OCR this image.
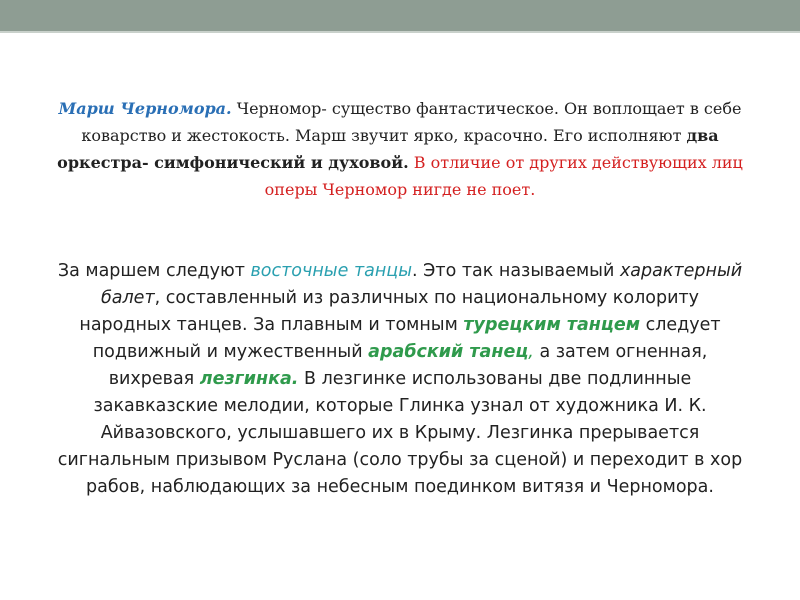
Марш Черномора. Черномор- существо фантастическое. Он воплощает в себе коварство и жестокость. Марш звучит ярко, красочно. Его исполняют два оркестра- симфонический и духовой. В отличие от других действующих лиц оперы Черномор нигде не поет.

За маршем следуют восточные танцы. Это так называемый характерный балет, составленный из различных по национальному колориту народных танцев. За плавным и томным турецким танцем следует подвижный и мужественный арабский танец, а затем огненная, вихревая лезгинка. В лезгинке использованы две подлинные закавказские мелодии, которые Глинка узнал от художника И. К. Айвазовского, услышавшего их в Крыму. Лезгинка прерывается сигнальным призывом Руслана (соло трубы за сценой) и переходит в хор рабов, наблюдающих за небесным поединком витязя и Черномора.
